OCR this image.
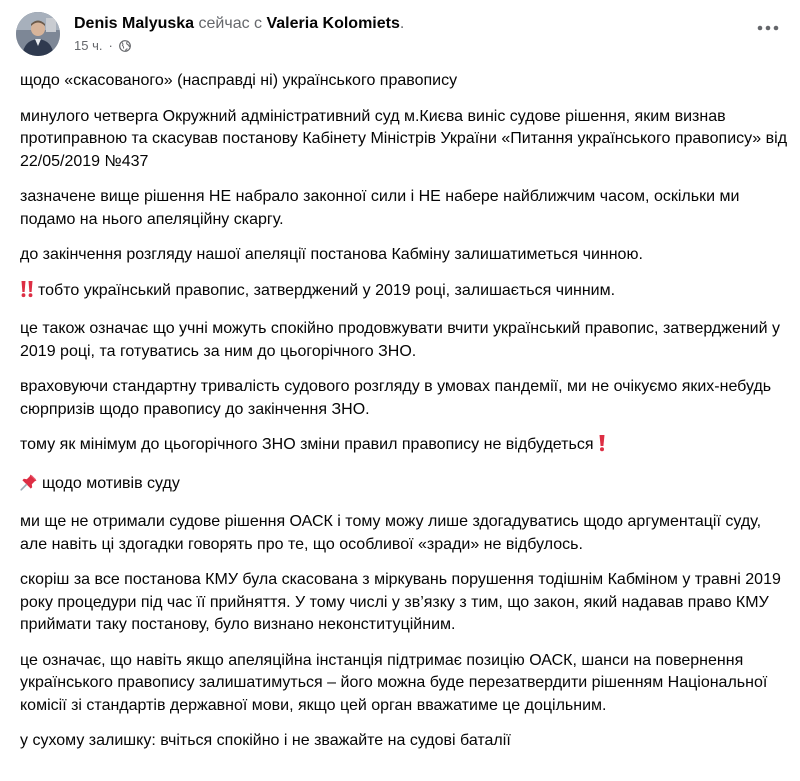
Denis Malyuska сейчас с Valeria Kolomiets.
15 ч. ·

щодо «скасованого» (насправді ні) українського правопису

минулого четверга Окружний адміністративний суд м.Києва виніс судове рішення, яким визнав протиправною та скасував постанову Кабінету Міністрів України «Питання українського правопису» від 22/05/2019 №437

зазначене вище рішення НЕ набрало законної сили і НЕ набере найближчим часом, оскільки ми подамо на нього апеляційну скаргу.

до закінчення розгляду нашої апеляції постанова Кабміну залишатиметься чинною.

тобто український правопис, затверджений у 2019 році, залишається чинним.

це також означає що учні можуть спокійно продовжувати вчити український правопис, затверджений у 2019 році, та готуватись за ним до цьогорічного ЗНО.

враховуючи стандартну тривалість судового розгляду в умовах пандемії, ми не очікуємо яких-небудь сюрпризів щодо правопису до закінчення ЗНО.

тому як мінімум до цьогорічного ЗНО зміни правил правопису не відбудеться

щодо мотивів суду

ми ще не отримали судове рішення ОАСК і тому можу лише здогадуватись щодо аргументації суду, але навіть ці здогадки говорять про те, що особливої «зради» не відбулось.

скоріш за все постанова КМУ була скасована з міркувань порушення тодішнім Кабміном у травні 2019 року процедури під час її прийняття. У тому числі у зв’язку з тим, що закон, який надавав право КМУ приймати таку постанову, було визнано неконституційним.

це означає, що навіть якщо апеляційна інстанція підтримає позицію ОАСК, шанси на повернення українського правопису залишатимуться – його можна буде перезатвердити рішенням Національної комісії зі стандартів державної мови, якщо цей орган вважатиме це доцільним.

у сухому залишку: вчіться спокійно і не зважайте на судові баталії
